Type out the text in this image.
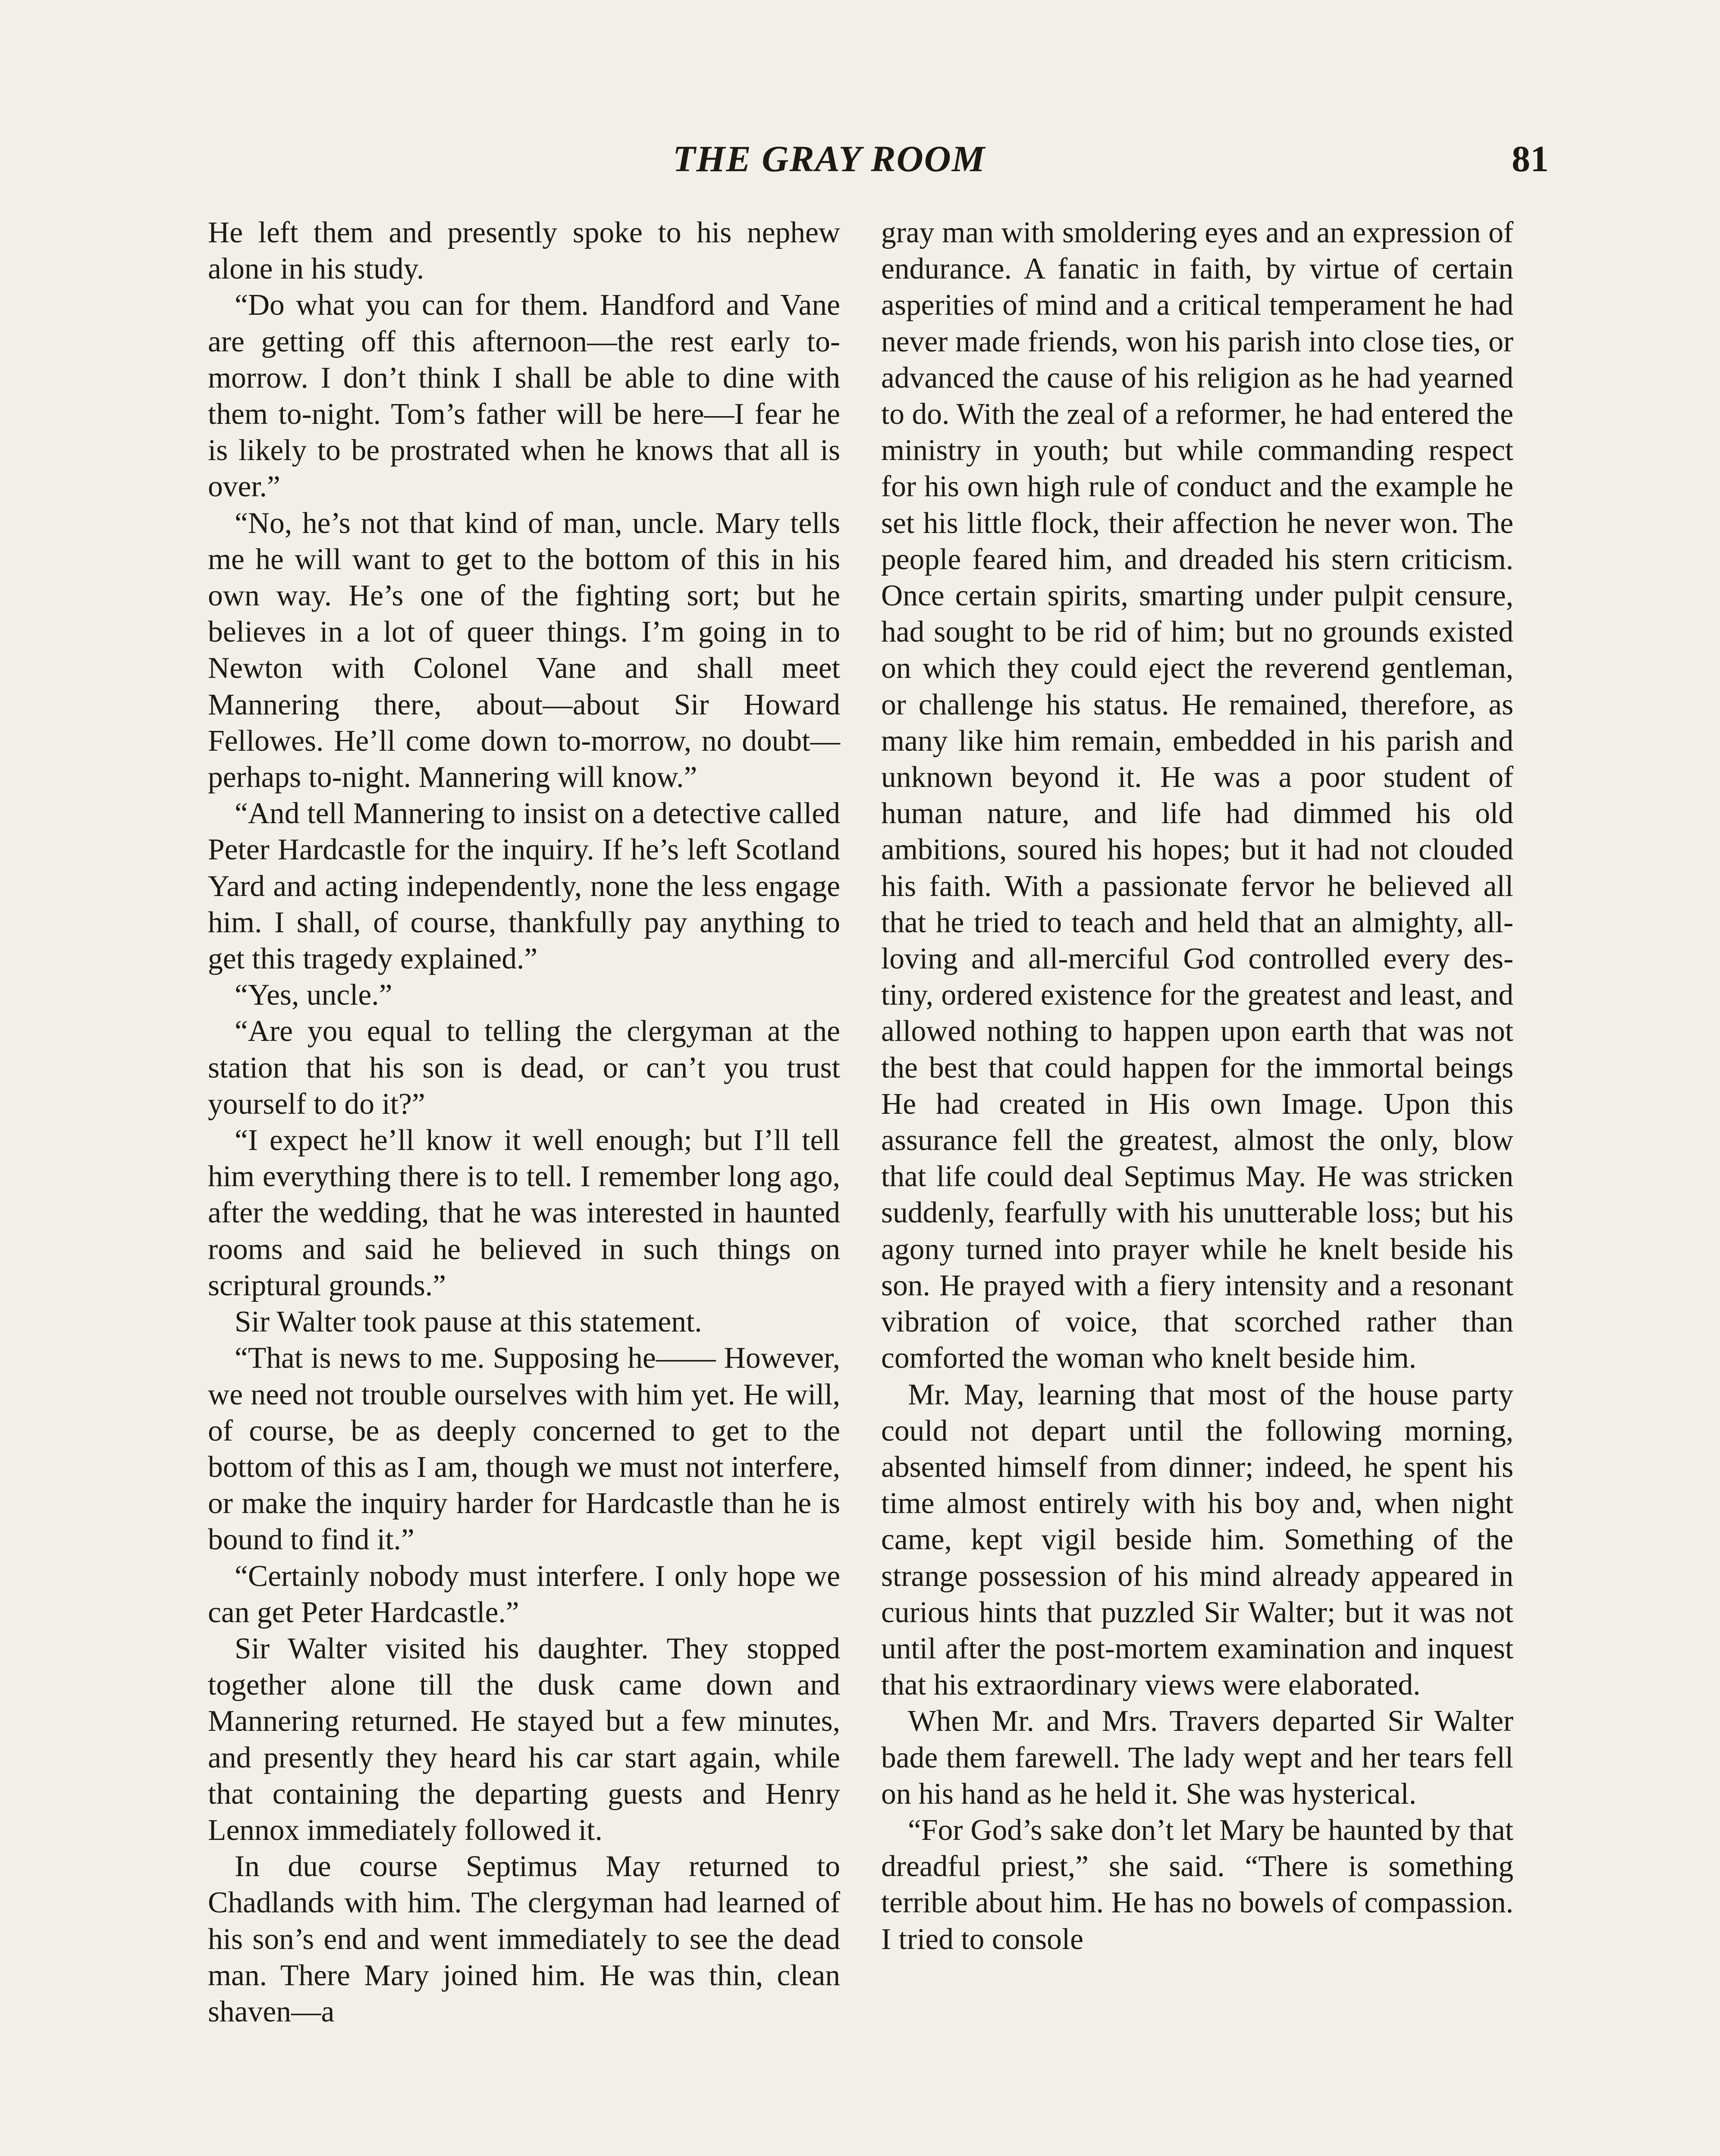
THE GRAY ROOM	81

He left them and presently spoke to his nephew alone in his study.

“Do what you can for them. Handford and Vane are getting off this afternoon—the rest early to-morrow. I don’t think I shall be able to dine with them to-night. Tom’s father will be here—I fear he is likely to be prostrated when he knows that all is over.”

“No, he’s not that kind of man, uncle. Mary tells me he will want to get to the bottom of this in his own way. He’s one of the fighting sort; but he believes in a lot of queer things. I’m going in to Newton with Colonel Vane and shall meet Mannering there, about—about Sir Howard Fellowes. He’ll come down to-morrow, no doubt—perhaps to-night. Mannering will know.”

“And tell Mannering to insist on a detective called Peter Hardcastle for the inquiry. If he’s left Scotland Yard and acting independently, none the less engage him. I shall, of course, thankfully pay anything to get this tragedy explained.”

“Yes, uncle.”

“Are you equal to telling the clergyman at the station that his son is dead, or can’t you trust yourself to do it?”

“I expect he’ll know it well enough; but I’ll tell him everything there is to tell. I remember long ago, after the wedding, that he was interested in haunted rooms and said he believed in such things on scriptural grounds.”

Sir Walter took pause at this statement.

“That is news to me. Supposing he—— However, we need not trouble ourselves with him yet. He will, of course, be as deeply concerned to get to the bottom of this as I am, though we must not interfere, or make the inquiry harder for Hardcastle than he is bound to find it.”

“Certainly nobody must interfere. I only hope we can get Peter Hardcastle.”

Sir Walter visited his daughter. They stopped together alone till the dusk came down and Mannering returned. He stayed but a few minutes, and presently they heard his car start again, while that containing the departing guests and Henry Lennox immediately followed it.

In due course Septimus May returned to Chadlands with him. The clergyman had learned of his son’s end and went immediately to see the dead man. There Mary joined him. He was thin, clean shaven—a

gray man with smoldering eyes and an expression of endurance. A fanatic in faith, by virtue of certain asperities of mind and a critical temperament he had never made friends, won his parish into close ties, or advanced the cause of his religion as he had yearned to do. With the zeal of a reformer, he had entered the ministry in youth; but while commanding respect for his own high rule of conduct and the example he set his little flock, their affection he never won. The people feared him, and dreaded his stern criticism. Once certain spirits, smarting under pulpit censure, had sought to be rid of him; but no grounds existed on which they could eject the reverend gentleman, or challenge his status. He remained, therefore, as many like him remain, embedded in his parish and unknown beyond it. He was a poor student of human nature, and life had dimmed his old ambitions, soured his hopes; but it had not clouded his faith. With a passionate fervor he believed all that he tried to teach and held that an almighty, all-loving and all-merciful God controlled every destiny, ordered existence for the greatest and least, and allowed nothing to happen upon earth that was not the best that could happen for the immortal beings He had created in His own Image. Upon this assurance fell the greatest, almost the only, blow that life could deal Septimus May. He was stricken suddenly, fearfully with his unutterable loss; but his agony turned into prayer while he knelt beside his son. He prayed with a fiery intensity and a resonant vibration of voice, that scorched rather than comforted the woman who knelt beside him.

Mr. May, learning that most of the house party could not depart until the following morning, absented himself from dinner; indeed, he spent his time almost entirely with his boy and, when night came, kept vigil beside him. Something of the strange possession of his mind already appeared in curious hints that puzzled Sir Walter; but it was not until after the post-mortem examination and inquest that his extraordinary views were elaborated.

When Mr. and Mrs. Travers departed Sir Walter bade them farewell. The lady wept and her tears fell on his hand as he held it. She was hysterical.

“For God’s sake don’t let Mary be haunted by that dreadful priest,” she said. “There is something terrible about him. He has no bowels of compassion. I tried to console
